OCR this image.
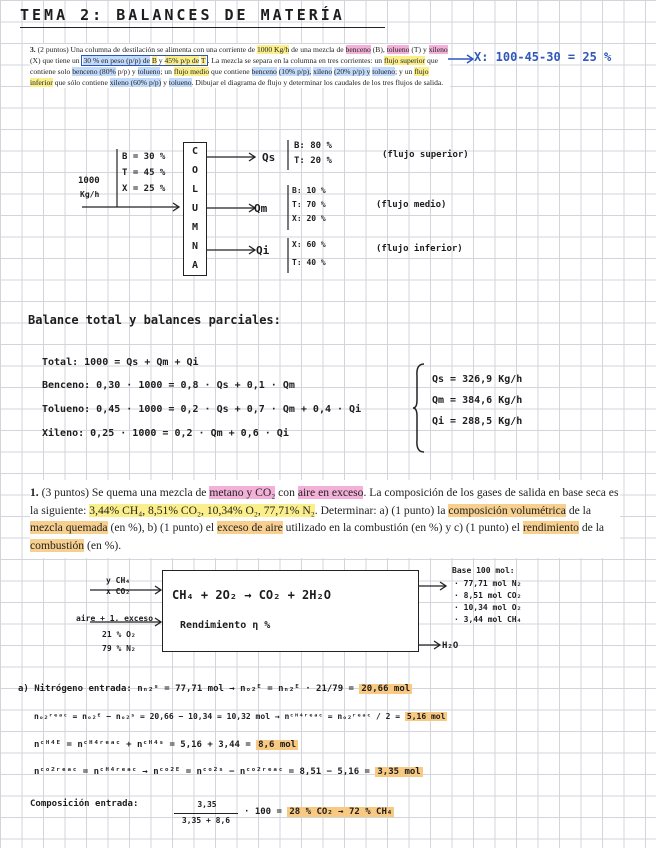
TEMA 2: BALANCES DE MATERÍA
3. (2 puntos) Una columna de destilación se alimenta con una corriente de 1000 Kg/h de una mezcla de benceno (B), tolueno (T) y xileno (X) que tiene un 30 % en peso (p/p) de B y 45% p/p de T . La mezcla se separa en la columna en tres corrientes: un flujo superior que contiene solo benceno (80% p/p) y tolueno; un flujo medio que contiene benceno (10% p/p), xileno (20% p/p) y tolueno; y un flujo inferior que sólo contiene xileno (60% p/p) y tolueno. Dibujar el diagrama de flujo y determinar los caudales de los tres flujos de salida.
X: 100-45-30 = 25 %
C
O
L
U
M
N
A
1000
Kg/h
B = 30 %
T = 45 %
X = 25 %
Qs
B: 80 %
T: 20 %
(flujo superior)
Qm
B: 10 %
T: 70 %
X: 20 %
(flujo medio)
Qi	X: 60 %
T: 40 %
(flujo inferior)
Balance total y balances parciales:
Total: 1000 = Qs + Qm + Qi
Benceno: 0,30 · 1000 = 0,8 · Qs + 0,1 · Qm
Tolueno: 0,45 · 1000 = 0,2 · Qs + 0,7 · Qm + 0,4 · Qi
Xileno: 0,25 · 1000 = 0,2 · Qm + 0,6 · Qi
Qs = 326,9 Kg/h
Qm = 384,6 Kg/h
Qi = 288,5 Kg/h
1. (3 puntos) Se quema una mezcla de metano y CO₂ con aire en exceso. La composición de los gases de salida en base seca es la siguiente: 3,44% CH₄, 8,51% CO₂, 10,34% O₂, 77,71% N₂. Determinar: a) (1 punto) la composición volumétrica de la mezcla quemada (en %), b) (1 punto) el exceso de aire utilizado en la combustión (en %) y c) (1 punto) el rendimiento de la combustión (en %).
CH₄ + 2O₂ → CO₂ + 2H₂O
Rendimiento η %
y CH₄
x CO₂
aire + 1. exceso
21 % O₂
79 % N₂
Base 100 mol:
· 77,71 mol N₂
· 8,51 mol CO₂
· 10,34 mol O₂
· 3,44 mol CH₄
H₂O
a) Nitrógeno entrada: nₙ₂ˢ = 77,71 mol → nₒ₂ᴱ = nₙ₂ᴱ · 21/79 = 20,66 mol
nₒ₂ʳᵉᵃᶜ = nₒ₂ᴱ − nₒ₂ˢ = 20,66 − 10,34 = 10,32 mol → nᶜᴴ⁴ʳᵉᵃᶜ = nₒ₂ʳᵉᵃᶜ / 2 = 5,16 mol
nᶜᴴ⁴ᴱ = nᶜᴴ⁴ʳᵉᵃᶜ + nᶜᴴ⁴ˢ = 5,16 + 3,44 = 8,6 mol
nᶜᵒ²ʳᵉᵃᶜ = nᶜᴴ⁴ʳᵉᵃᶜ → nᶜᵒ²ᴱ = nᶜᵒ²ˢ − nᶜᵒ²ʳᵉᵃᶜ = 8,51 − 5,16 = 3,35 mol
Composición entrada:	3,35
3,35 + 8,6
· 100 = 28 % CO₂ → 72 % CH₄
